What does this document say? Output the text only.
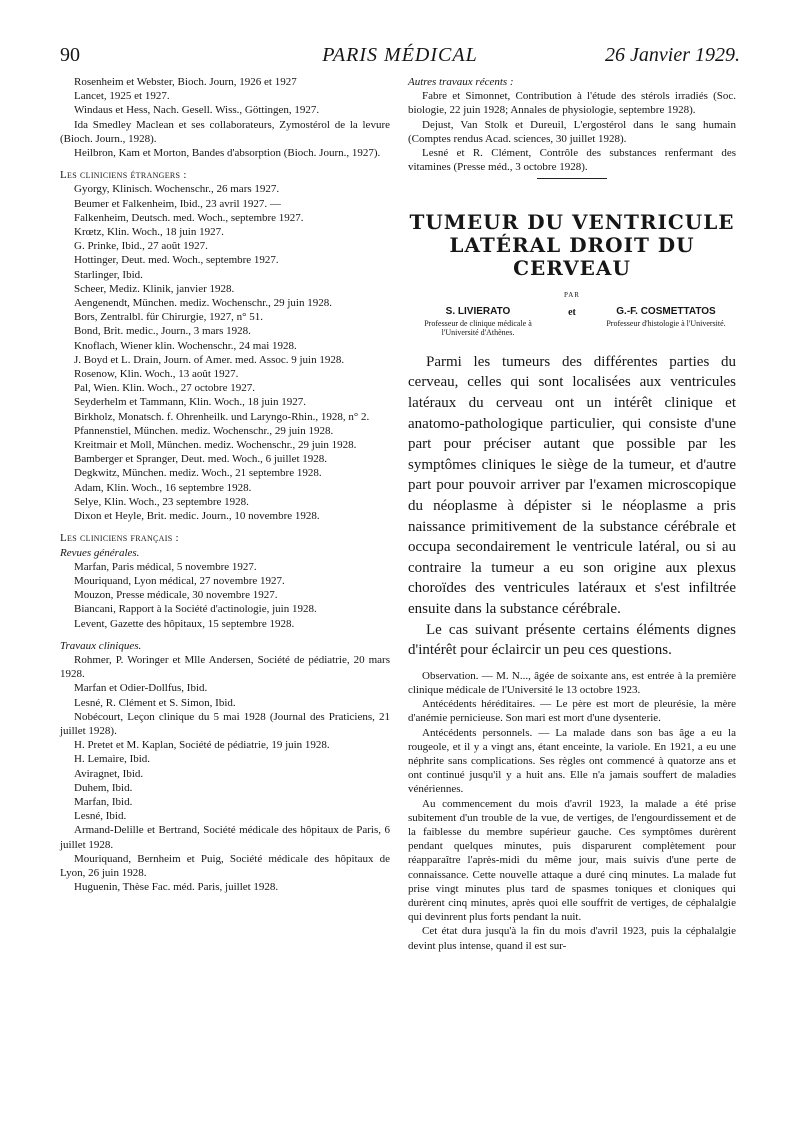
90	PARIS MÉDICAL	26 Janvier 1929.
Rosenheim et Webster, Bioch. Journ, 1926 et 1927
Lancet, 1925 et 1927.
Windaus et Hess, Nach. Gesell. Wiss., Göttingen, 1927.
Ida Smedley Maclean et ses collaborateurs, Zymostérol de la levure (Bioch. Journ., 1928).
Heilbron, Kam et Morton, Bandes d'absorption (Bioch. Journ., 1927).
Les cliniciens étrangers :
Gyorgy, Klinisch. Wochenschr., 26 mars 1927.
Beumer et Falkenheim, Ibid., 23 avril 1927. —
Falkenheim, Deutsch. med. Woch., septembre 1927.
Krœtz, Klin. Woch., 18 juin 1927.
G. Prinke, Ibid., 27 août 1927.
Hottinger, Deut. med. Woch., septembre 1927.
Starlinger, Ibid.
Scheer, Mediz. Klinik, janvier 1928.
Aengenendt, München. mediz. Wochenschr., 29 juin 1928.
Bors, Zentralbl. für Chirurgie, 1927, n° 51.
Bond, Brit. medic., Journ., 3 mars 1928.
Knoflach, Wiener klin. Wochenschr., 24 mai 1928.
J. Boyd et L. Drain, Journ. of Amer. med. Assoc. 9 juin 1928.
Rosenow, Klin. Woch., 13 août 1927.
Pal, Wien. Klin. Woch., 27 octobre 1927.
Seyderhelm et Tammann, Klin. Woch., 18 juin 1927.
Birkholz, Monatsch. f. Ohrenheilk. und Laryngo-Rhin., 1928, n° 2.
Pfannenstiel, München. mediz. Wochenschr., 29 juin 1928.
Kreitmair et Moll, München. mediz. Wochenschr., 29 juin 1928.
Bamberger et Spranger, Deut. med. Woch., 6 juillet 1928.
Degkwitz, München. mediz. Woch., 21 septembre 1928.
Adam, Klin. Woch., 16 septembre 1928.
Selye, Klin. Woch., 23 septembre 1928.
Dixon et Heyle, Brit. medic. Journ., 10 novembre 1928.
Les cliniciens français :
Revues générales.
Marfan, Paris médical, 5 novembre 1927.
Mouriquand, Lyon médical, 27 novembre 1927.
Mouzon, Presse médicale, 30 novembre 1927.
Biancani, Rapport à la Société d'actinologie, juin 1928.
Levent, Gazette des hôpitaux, 15 septembre 1928.
Travaux cliniques.
Rohmer, P. Woringer et Mlle Andersen, Société de pédiatrie, 20 mars 1928.
Marfan et Odier-Dollfus, Ibid.
Lesné, R. Clément et S. Simon, Ibid.
Nobécourt, Leçon clinique du 5 mai 1928 (Journal des Praticiens, 21 juillet 1928).
H. Pretet et M. Kaplan, Société de pédiatrie, 19 juin 1928.
H. Lemaire, Ibid.
Aviragnet, Ibid.
Duhem, Ibid.
Marfan, Ibid.
Lesné, Ibid.
Armand-Delille et Bertrand, Société médicale des hôpitaux de Paris, 6 juillet 1928.
Mouriquand, Bernheim et Puig, Société médicale des hôpitaux de Lyon, 26 juin 1928.
Huguenin, Thèse Fac. méd. Paris, juillet 1928.
Autres travaux récents :
Fabre et Simonnet, Contribution à l'étude des stérols irradiés (Soc. biologie, 22 juin 1928; Annales de physiologie, septembre 1928).
Dejust, Van Stolk et Dureuil, L'ergostérol dans le sang humain (Comptes rendus Acad. sciences, 30 juillet 1928).
Lesné et R. Clément, Contrôle des substances renfermant des vitamines (Presse méd., 3 octobre 1928).
TUMEUR DU VENTRICULE
LATÉRAL DROIT DU
CERVEAU
PAR
S. LIVIERATO
Professeur de clinique médicale à l'Université d'Athènes.
et	G.-F. COSMETTATOS
Professeur d'histologie à l'Université.

Parmi les tumeurs des différentes parties du cerveau, celles qui sont localisées aux ventricules latéraux du cerveau ont un intérêt clinique et anatomo-pathologique particulier, qui consiste d'une part pour préciser autant que possible par les symptômes cliniques le siège de la tumeur, et d'autre part pour pouvoir arriver par l'examen microscopique du néoplasme à dépister si le néoplasme a pris naissance primitivement de la substance cérébrale et occupa secondairement le ventricule latéral, ou si au contraire la tumeur a eu son origine aux plexus choroïdes des ventricules latéraux et s'est infiltrée ensuite dans la substance cérébrale.

Le cas suivant présente certains éléments dignes d'intérêt pour éclaircir un peu ces questions.

Observation. — M. N..., âgée de soixante ans, est entrée à la première clinique médicale de l'Université le 13 octobre 1923.

Antécédents héréditaires. — Le père est mort de pleurésie, la mère d'anémie pernicieuse. Son mari est mort d'une dysenterie.

Antécédents personnels. — La malade dans son bas âge a eu la rougeole, et il y a vingt ans, étant enceinte, la variole. En 1921, a eu une néphrite sans complications. Ses règles ont commencé à quatorze ans et ont continué jusqu'il y a huit ans. Elle n'a jamais souffert de maladies vénériennes.

Au commencement du mois d'avril 1923, la malade a été prise subitement d'un trouble de la vue, de vertiges, de l'engourdissement et de la faiblesse du membre supérieur gauche. Ces symptômes durèrent pendant quelques minutes, puis disparurent complètement pour réapparaître l'après-midi du même jour, mais suivis d'une perte de connaissance. Cette nouvelle attaque a duré cinq minutes. La malade fut prise vingt minutes plus tard de spasmes toniques et cloniques qui durèrent cinq minutes, après quoi elle souffrit de vertiges, de céphalalgie qui devinrent plus forts pendant la nuit.

Cet état dura jusqu'à la fin du mois d'avril 1923, puis la céphalalgie devint plus intense, quand il est sur-
